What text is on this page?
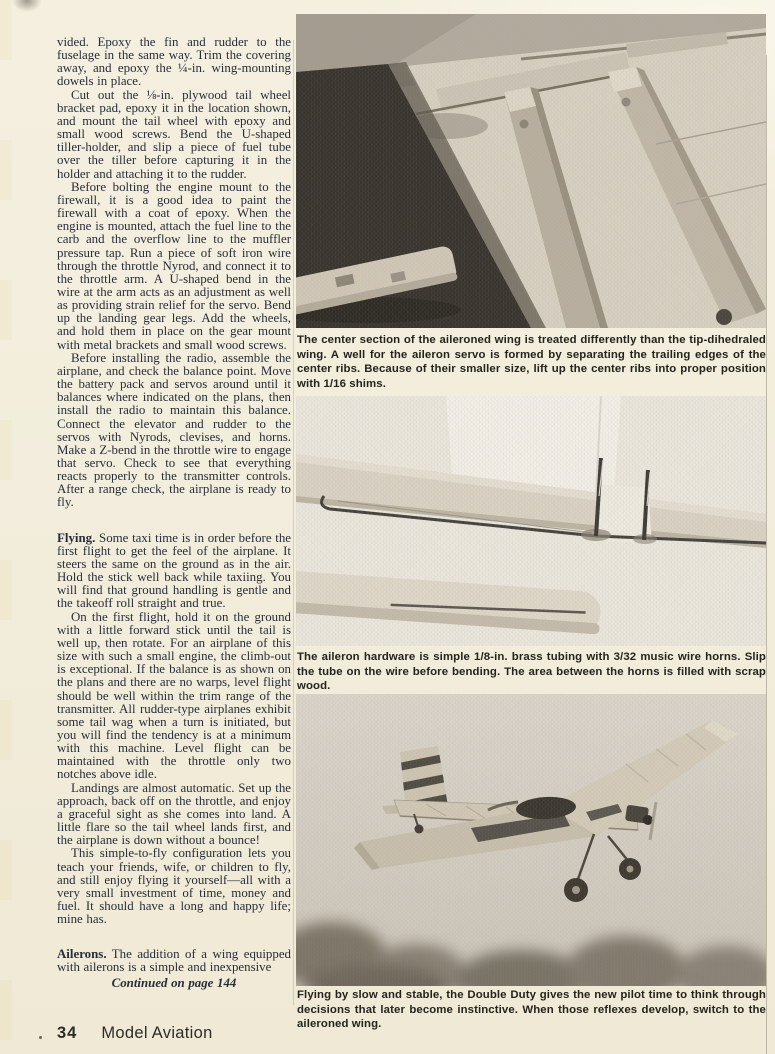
vided. Epoxy the fin and rudder to the fuselage in the same way. Trim the covering away, and epoxy the ¼-in. wing-mounting dowels in place.

Cut out the ⅛-in. plywood tail wheel bracket pad, epoxy it in the location shown, and mount the tail wheel with epoxy and small wood screws. Bend the U-shaped tiller-holder, and slip a piece of fuel tube over the tiller before capturing it in the holder and attaching it to the rudder.

Before bolting the engine mount to the firewall, it is a good idea to paint the firewall with a coat of epoxy. When the engine is mounted, attach the fuel line to the carb and the overflow line to the muffler pressure tap. Run a piece of soft iron wire through the throttle Nyrod, and connect it to the throttle arm. A U-shaped bend in the wire at the arm acts as an adjustment as well as providing strain relief for the servo. Bend up the landing gear legs. Add the wheels, and hold them in place on the gear mount with metal brackets and small wood screws.

Before installing the radio, assemble the airplane, and check the balance point. Move the battery pack and servos around until it balances where indicated on the plans, then install the radio to maintain this balance. Connect the elevator and rudder to the servos with Nyrods, clevises, and horns. Make a Z-bend in the throttle wire to engage that servo. Check to see that everything reacts properly to the transmitter controls. After a range check, the airplane is ready to fly.

Flying. Some taxi time is in order before the first flight to get the feel of the airplane. It steers the same on the ground as in the air. Hold the stick well back while taxiing. You will find that ground handling is gentle and the takeoff roll straight and true.

On the first flight, hold it on the ground with a little forward stick until the tail is well up, then rotate. For an airplane of this size with such a small engine, the climb-out is exceptional. If the balance is as shown on the plans and there are no warps, level flight should be well within the trim range of the transmitter. All rudder-type airplanes exhibit some tail wag when a turn is initiated, but you will find the tendency is at a minimum with this machine. Level flight can be maintained with the throttle only two notches above idle.

Landings are almost automatic. Set up the approach, back off on the throttle, and enjoy a graceful sight as she comes into land. A little flare so the tail wheel lands first, and the airplane is down without a bounce!

This simple-to-fly configuration lets you teach your friends, wife, or children to fly, and still enjoy flying it yourself—all with a very small investment of time, money and fuel. It should have a long and happy life; mine has.

Ailerons. The addition of a wing equipped with ailerons is a simple and inexpensive

Continued on page 144
The center section of the aileroned wing is treated differently than the tip-dihedraled wing. A well for the aileron servo is formed by separating the trailing edges of the center ribs. Because of their smaller size, lift up the center ribs into proper position with 1/16 shims.
The aileron hardware is simple 1/8-in. brass tubing with 3/32 music wire horns. Slip the tube on the wire before bending. The area between the horns is filled with scrap wood.
Flying by slow and stable, the Double Duty gives the new pilot time to think through decisions that later become instinctive. When those reflexes develop, switch to the aileroned wing.
34 Model Aviation
